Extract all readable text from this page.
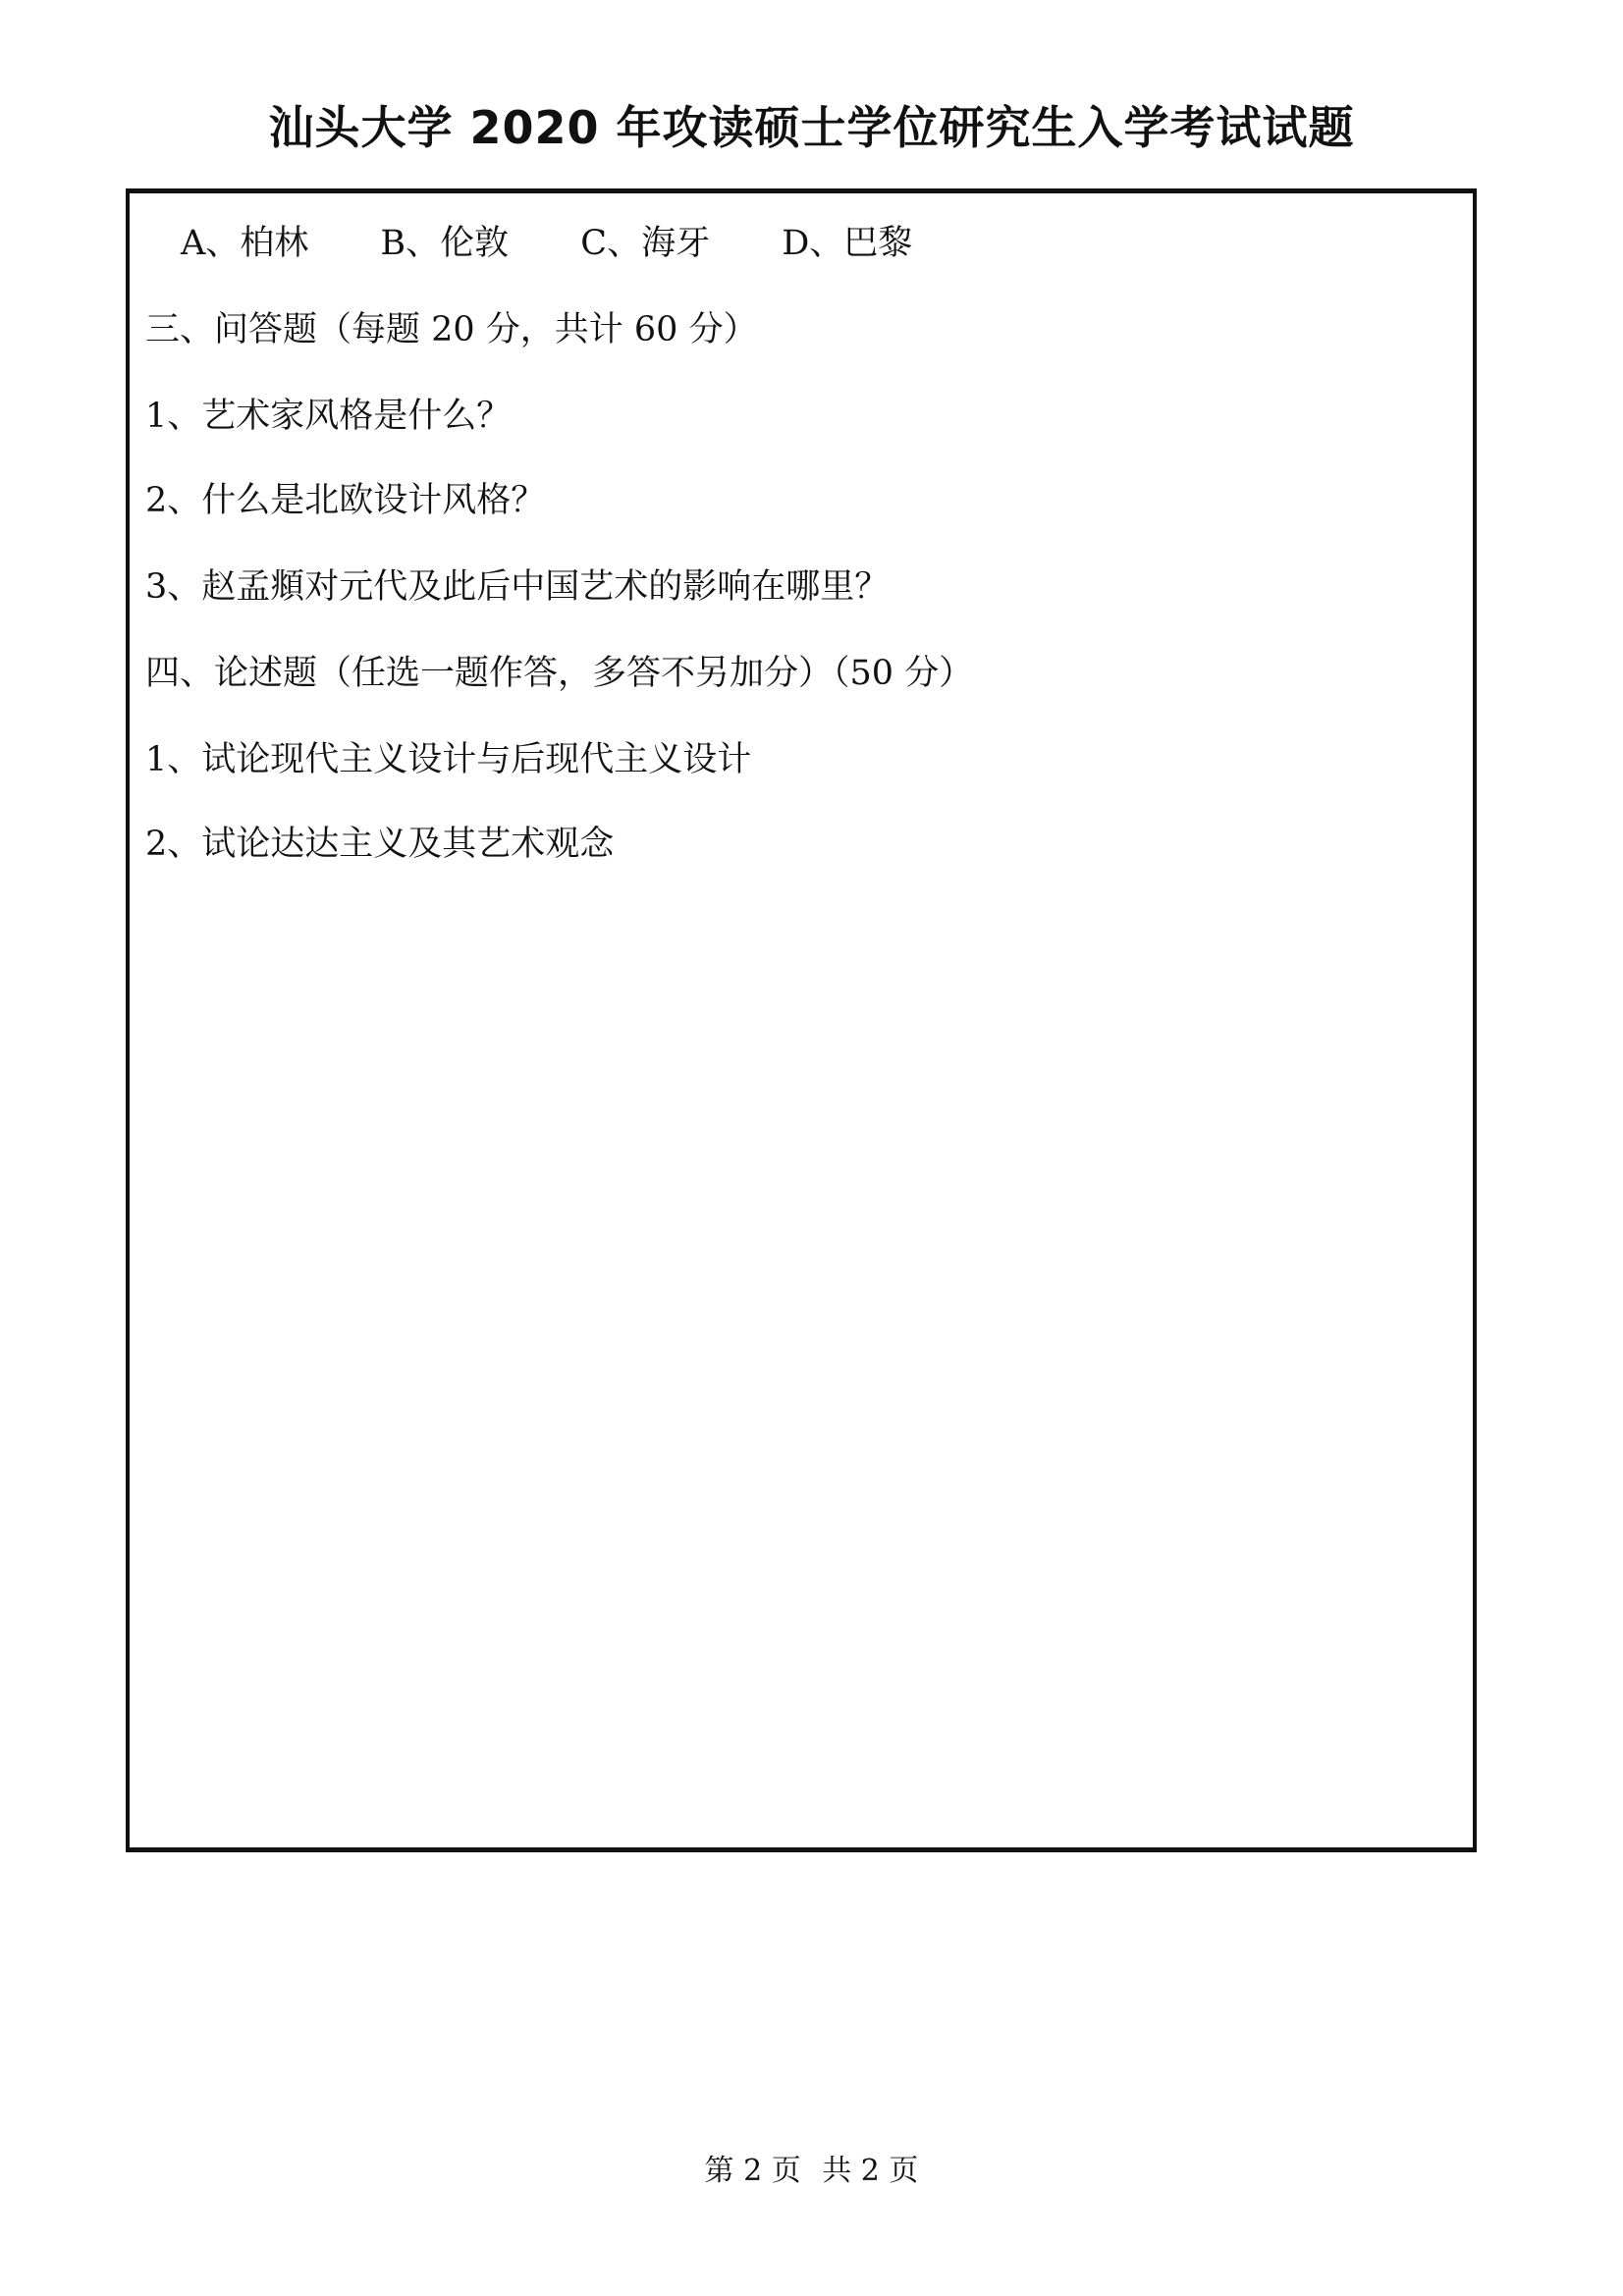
汕头大学 2020 年攻读硕士学位研究生入学考试试题
A、柏林 B、伦敦 C、海牙 D、巴黎

三、问答题（每题 20 分，共计 60 分）

1、艺术家风格是什么？

2、什么是北欧设计风格？

3、赵孟頫对元代及此后中国艺术的影响在哪里？

四、论述题（任选一题作答，多答不另加分）（50 分）

1、试论现代主义设计与后现代主义设计

2、试论达达主义及其艺术观念

第 2 页 共 2 页
